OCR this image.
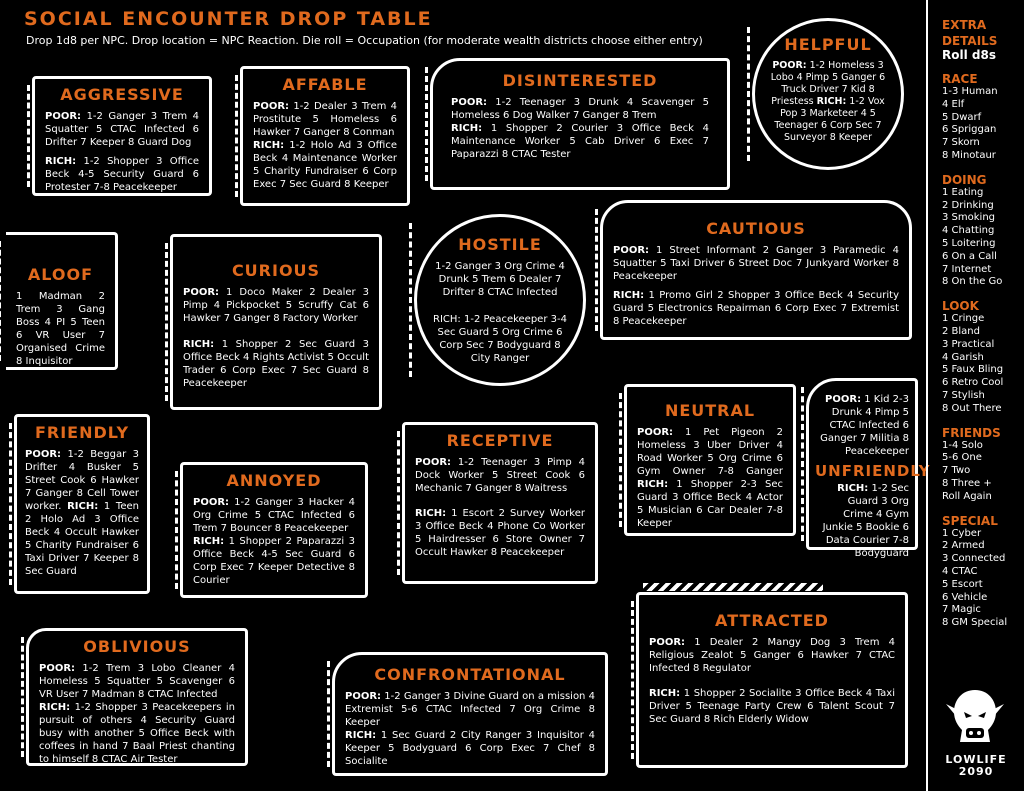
SOCIAL ENCOUNTER DROP TABLE
Drop 1d8 per NPC. Drop location = NPC Reaction. Die roll = Occupation (for moderate wealth districts choose either entry)
AGGRESSIVE
POOR: 1-2 Ganger 3 Trem 4 Squatter 5 CTAC Infected 6 Drifter 7 Keeper 8 Guard Dog
RICH: 1-2 Shopper 3 Office Beck 4-5 Security Guard 6 Protester 7-8 Peacekeeper
AFFABLE
POOR: 1-2 Dealer 3 Trem 4 Prostitute 5 Homeless 6 Hawker 7 Ganger 8 Conman
RICH: 1-2 Holo Ad 3 Office Beck 4 Maintenance Worker 5 Charity Fundraiser 6 Corp Exec 7 Sec Guard 8 Keeper
DISINTERESTED
POOR: 1-2 Teenager 3 Drunk 4 Scavenger 5 Homeless 6 Dog Walker 7 Ganger 8 Trem
RICH: 1 Shopper 2 Courier 3 Office Beck 4 Maintenance Worker 5 Cab Driver 6 Exec 7 Paparazzi 8 CTAC Tester
HELPFUL
POOR: 1-2 Homeless 3 Lobo 4 Pimp 5 Ganger 6 Truck Driver 7 Kid 8 Priestess RICH: 1-2 Vox Pop 3 Marketeer 4 5 Teenager 6 Corp Sec 7 Surveyor 8 Keeper
ALOOF
1 Madman 2 Trem 3 Gang Boss 4 PI 5 Teen 6 VR User 7 Organised Crime 8 Inquisitor
CURIOUS
POOR: 1 Doco Maker 2 Dealer 3 Pimp 4 Pickpocket 5 Scruffy Cat 6 Hawker 7 Ganger 8 Factory Worker
RICH: 1 Shopper 2 Sec Guard 3 Office Beck 4 Rights Activist 5 Occult Trader 6 Corp Exec 7 Sec Guard 8 Peacekeeper
HOSTILE
1-2 Ganger 3 Org Crime 4 Drunk 5 Trem 6 Dealer 7 Drifter 8 CTAC Infected
RICH: 1-2 Peacekeeper 3-4 Sec Guard 5 Org Crime 6 Corp Sec 7 Bodyguard 8 City Ranger
CAUTIOUS
POOR: 1 Street Informant 2 Ganger 3 Paramedic 4 Squatter 5 Taxi Driver 6 Street Doc 7 Junkyard Worker 8 Peacekeeper
RICH: 1 Promo Girl 2 Shopper 3 Office Beck 4 Security Guard 5 Electronics Repairman 6 Corp Exec 7 Extremist 8 Peacekeeper
FRIENDLY
POOR: 1-2 Beggar 3 Drifter 4 Busker 5 Street Cook 6 Hawker 7 Ganger 8 Cell Tower worker. RICH: 1 Teen 2 Holo Ad 3 Office Beck 4 Occult Hawker 5 Charity Fundraiser 6 Taxi Driver 7 Keeper 8 Sec Guard
ANNOYED
POOR: 1-2 Ganger 3 Hacker 4 Org Crime 5 CTAC Infected 6 Trem 7 Bouncer 8 Peacekeeper
RICH: 1 Shopper 2 Paparazzi 3 Office Beck 4-5 Sec Guard 6 Corp Exec 7 Keeper Detective 8 Courier
RECEPTIVE
POOR: 1-2 Teenager 3 Pimp 4 Dock Worker 5 Street Cook 6 Mechanic 7 Ganger 8 Waitress
RICH: 1 Escort 2 Survey Worker 3 Office Beck 4 Phone Co Worker 5 Hairdresser 6 Store Owner 7 Occult Hawker 8 Peacekeeper
NEUTRAL
POOR: 1 Pet Pigeon 2 Homeless 3 Uber Driver 4 Road Worker 5 Org Crime 6 Gym Owner 7-8 Ganger RICH: 1 Shopper 2-3 Sec Guard 3 Office Beck 4 Actor 5 Musician 6 Car Dealer 7-8 Keeper
POOR: 1 Kid 2-3 Drunk 4 Pimp 5 CTAC Infected 6 Ganger 7 Militia 8 Peacekeeper
UNFRIENDLY
RICH: 1-2 Sec Guard 3 Org Crime 4 Gym Junkie 5 Bookie 6 Data Courier 7-8 Bodyguard
OBLIVIOUS
POOR: 1-2 Trem 3 Lobo Cleaner 4 Homeless 5 Squatter 5 Scavenger 6 VR User 7 Madman 8 CTAC Infected
RICH: 1-2 Shopper 3 Peacekeepers in pursuit of others 4 Security Guard busy with another 5 Office Beck with coffees in hand 7 Baal Priest chanting to himself 8 CTAC Air Tester
CONFRONTATIONAL
POOR: 1-2 Ganger 3 Divine Guard on a mission 4 Extremist 5-6 CTAC Infected 7 Org Crime 8 Keeper
RICH: 1 Sec Guard 2 City Ranger 3 Inquisitor 4 Keeper 5 Bodyguard 6 Corp Exec 7 Chef 8 Socialite
ATTRACTED
POOR: 1 Dealer 2 Mangy Dog 3 Trem 4 Religious Zealot 5 Ganger 6 Hawker 7 CTAC Infected 8 Regulator
RICH: 1 Shopper 2 Socialite 3 Office Beck 4 Taxi Driver 5 Teenage Party Crew 6 Talent Scout 7 Sec Guard 8 Rich Elderly Widow
EXTRA
DETAILS
Roll d8s
RACE
1-3 Human
4 Elf
5 Dwarf
6 Spriggan
7 Skorn
8 Minotaur
DOING
1 Eating
2 Drinking
3 Smoking
4 Chatting
5 Loitering
6 On a Call
7 Internet
8 On the Go
LOOK
1 Cringe
2 Bland
3 Practical
4 Garish
5 Faux Bling
6 Retro Cool
7 Stylish
8 Out There
FRIENDS
1-4 Solo
5-6 One
7 Two
8 Three +
Roll Again
SPECIAL
1 Cyber
2 Armed
3 Connected
4 CTAC
5 Escort
6 Vehicle
7 Magic
8 GM Special
LOWLIFE
2090
